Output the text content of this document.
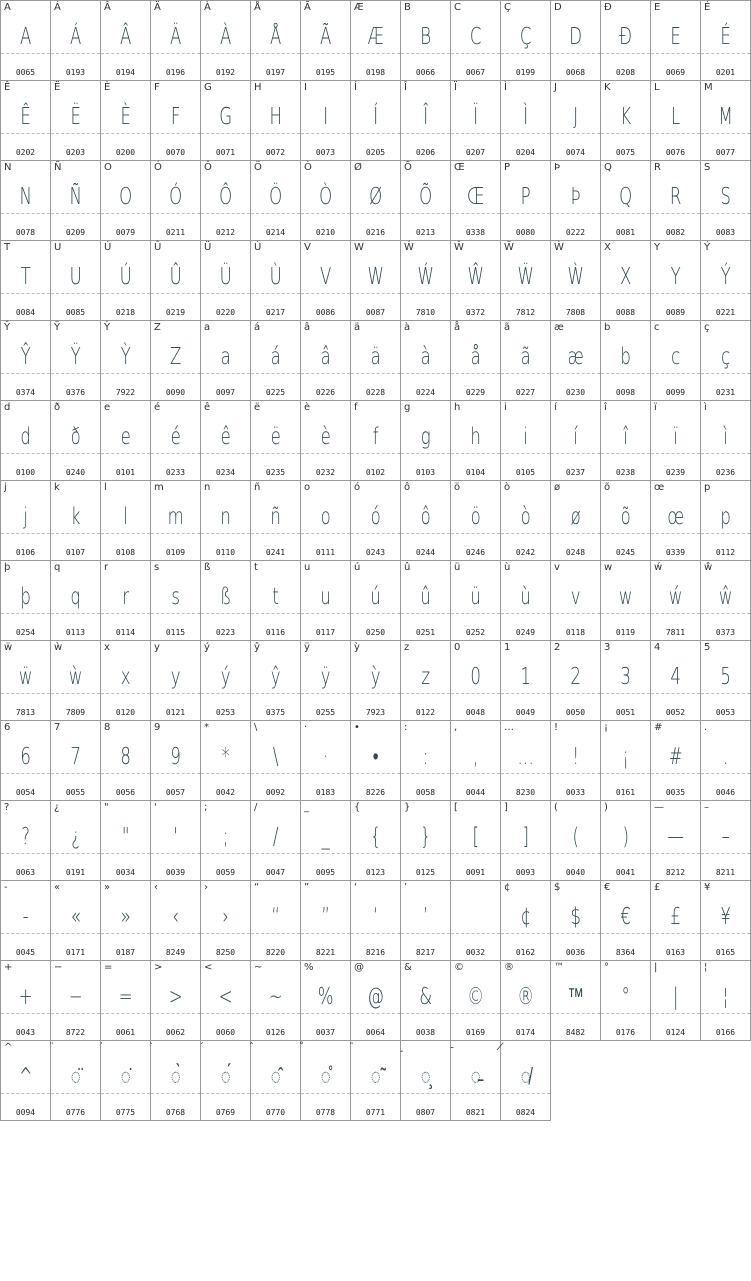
A
A
0065
Á
Á
0193
Â
Â
0194
Ä
Ä
0196
À
À
0192
Å
Å
0197
Ã
Ã
0195
Æ
Æ
0198
B
B
0066
C
C
0067
Ç
Ç
0199
D
D
0068
Đ
Đ
0208
E
E
0069
É
É
0201
Ê
Ê
0202
Ë
Ë
0203
È
È
0200
F
F
0070
G
G
0071
H
H
0072
I
I
0073
Í
Í
0205
Î
Î
0206
Ï
Ï
0207
Ì
Ì
0204
J
J
0074
K
K
0075
L
L
0076
M
M
0077
N
N
0078
Ñ
Ñ
0209
O
O
0079
Ó
Ó
0211
Ô
Ô
0212
Ö
Ö
0214
Ò
Ò
0210
Ø
Ø
0216
Õ
Õ
0213
Œ
Œ
0338
P
P
0080
Þ
Þ
0222
Q
Q
0081
R
R
0082
S
S
0083
T
T
0084
U
U
0085
Ú
Ú
0218
Û
Û
0219
Ü
Ü
0220
Ù
Ù
0217
V
V
0086
W
W
0087
Ẃ
Ẃ
7810
Ŵ
Ŵ
0372
Ẅ
Ẅ
7812
Ẁ
Ẁ
7808
X
X
0088
Y
Y
0089
Ý
Ý
0221
Ŷ
Ŷ
0374
Ÿ
Ÿ
0376
Ỳ
Ỳ
7922
Z
Z
0090
a
a
0097
á
á
0225
â
â
0226
ä
ä
0228
à
à
0224
å
å
0229
ã
ã
0227
æ
æ
0230
b
b
0098
c
c
0099
ç
ç
0231
d
d
0100
ð
ð
0240
e
e
0101
é
é
0233
ê
ê
0234
ë
ë
0235
è
è
0232
f
f
0102
g
g
0103
h
h
0104
i
i
0105
í
í
0237
î
î
0238
ï
ï
0239
ì
ì
0236
j
j
0106
k
k
0107
l
l
0108
m
m
0109
n
n
0110
ñ
ñ
0241
o
o
0111
ó
ó
0243
ô
ô
0244
ö
ö
0246
ò
ò
0242
ø
ø
0248
õ
õ
0245
œ
œ
0339
p
p
0112
þ
þ
0254
q
q
0113
r
r
0114
s
s
0115
ß
ß
0223
t
t
0116
u
u
0117
ú
ú
0250
û
û
0251
ü
ü
0252
ù
ù
0249
v
v
0118
w
w
0119
ẃ
ẃ
7811
ŵ
ŵ
0373
ẅ
ẅ
7813
ẁ
ẁ
7809
x
x
0120
y
y
0121
ý
ý
0253
ŷ
ŷ
0375
ÿ
ÿ
0255
ỳ
ỳ
7923
z
z
0122
0
0
0048
1
1
0049
2
2
0050
3
3
0051
4
4
0052
5
5
0053
6
6
0054
7
7
0055
8
8
0056
9
9
0057
*
*
0042
\
\
0092
·
·
0183
•
•
8226
:
:
0058
,
,
0044
…
…
8230
!
!
0033
¡
¡
0161
#
#
0035
.
.
0046
?
?
0063
¿
¿
0191
"
"
0034
'
'
0039
;
;
0059
/
/
0047
_
_
0095
{
{
0123
}
}
0125
[
[
0091
]
]
0093
(
(
0040
)
)
0041
—
—
8212
–
–
8211
-
-
0045
«
«
0171
»
»
0187
‹
‹
8249
›
›
8250
“
“
8220
”
”
8221
‘
‘
8216
’
’
8217	0032
¢
¢
0162
$
$
0036
€
€
8364
£
£
0163
¥
¥
0165
+
+
0043
−
−
8722
=
=
0061
>
>
0062
<
<
0060
~
~
0126
%
%
0037
@
@
0064
&
&
0038
©
©
0169
®
®
0174
™
™
8482
°
°
0176
|
|
0124
¦
¦
0166
^
^
0094
◌̈
0776
◌̇
0775
◌̀
0768
◌́
0769
◌̂
0770
◌̊
0778
◌̃
0771
◌̧
0807
◌̵
0821
◌̸
0824
